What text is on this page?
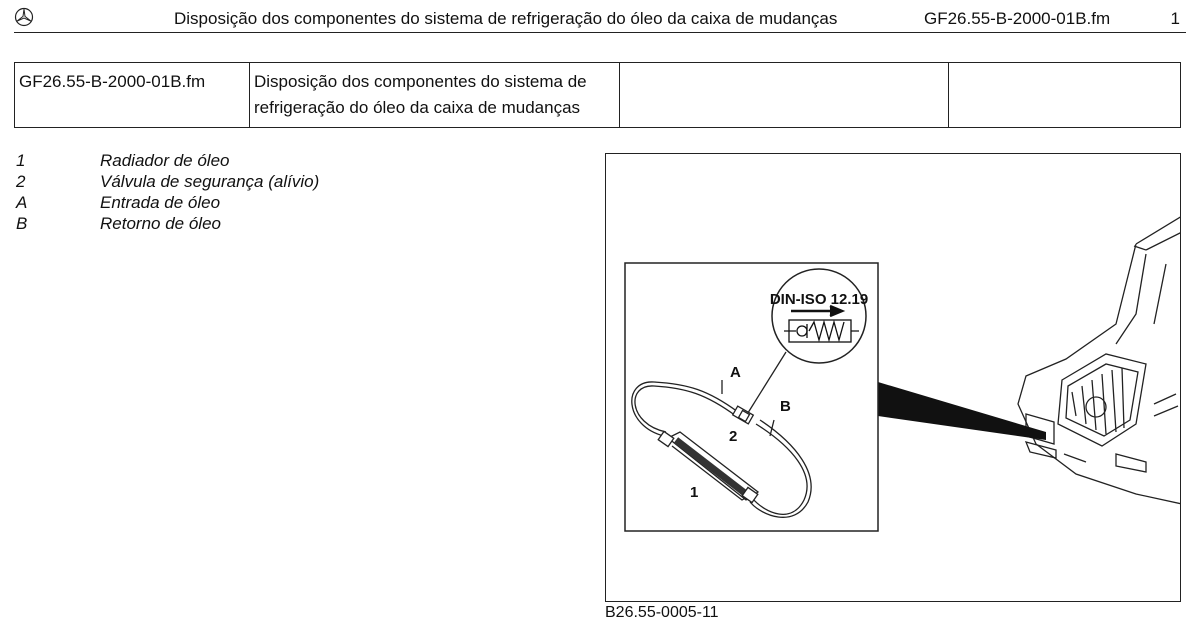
Disposição dos componentes do sistema de refrigeração do óleo da caixa de mudanças	GF26.55-B-2000-01B.fm	1
GF26.55-B-2000-01B.fm	Disposição dos componentes do sistema de
refrigeração do óleo da caixa de mudanças

1	Radiador de óleo
2	Válvula de segurança (alívio)
A	Entrada de óleo
B	Retorno de óleo
DIN-ISO 12.19
A
B
2
1
B26.55-0005-11
